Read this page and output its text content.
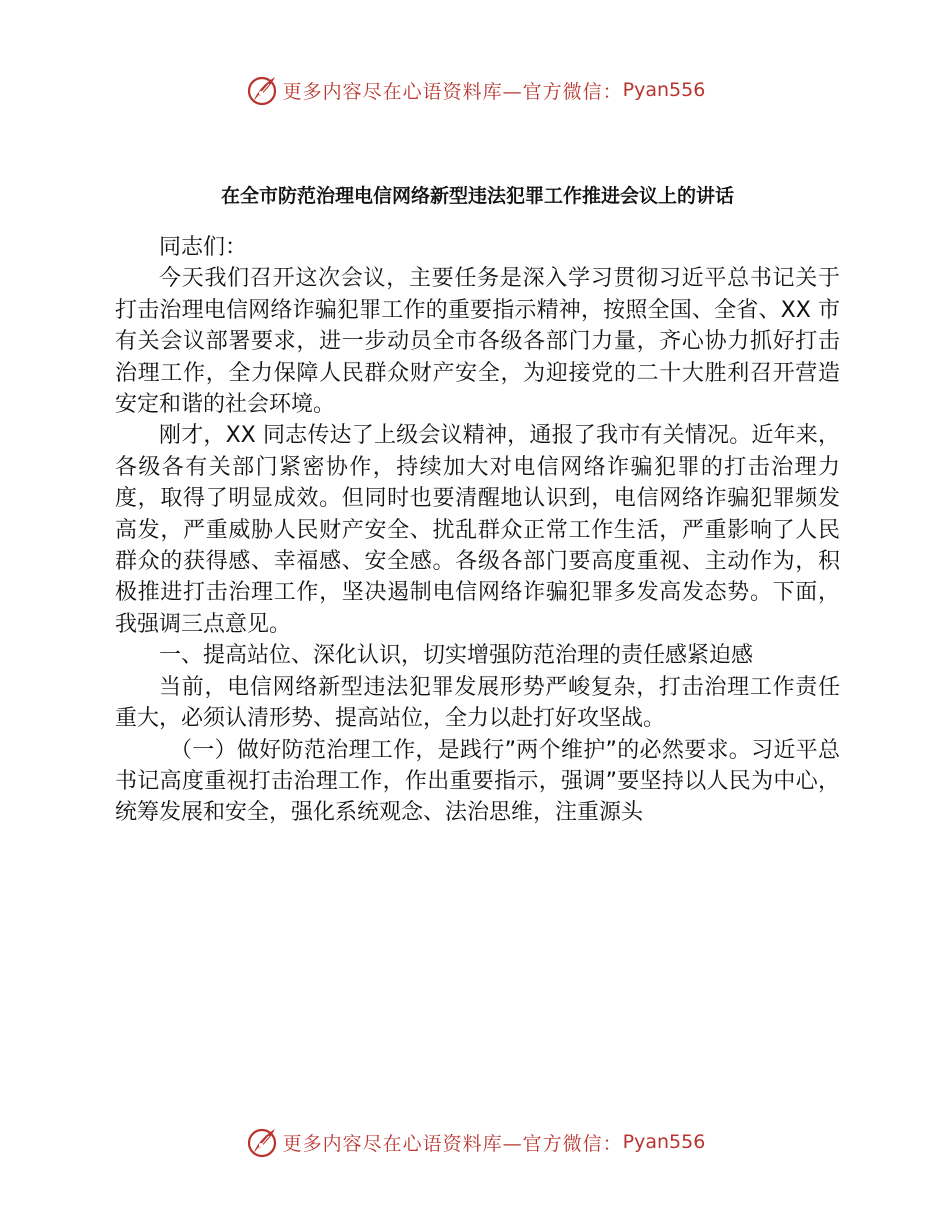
更多内容尽在心语资料库—官方微信： Pyan556
在全市防范治理电信网络新型违法犯罪工作推进会议上的讲话

同志们：

今天我们召开这次会议，主要任务是深入学习贯彻习近平总书记关于打击治理电信网络诈骗犯罪工作的重要指示精神，按照全国、全省、XX 市有关会议部署要求，进一步动员全市各级各部门力量，齐心协力抓好打击治理工作，全力保障人民群众财产安全，为迎接党的二十大胜利召开营造安定和谐的社会环境。

刚才，XX 同志传达了上级会议精神，通报了我市有关情况。近年来，各级各有关部门紧密协作，持续加大对电信网络诈骗犯罪的打击治理力度，取得了明显成效。但同时也要清醒地认识到，电信网络诈骗犯罪频发高发，严重威胁人民财产安全、扰乱群众正常工作生活，严重影响了人民群众的获得感、幸福感、安全感。各级各部门要高度重视、主动作为，积极推进打击治理工作，坚决遏制电信网络诈骗犯罪多发高发态势。下面，我强调三点意见。

一、提高站位、深化认识，切实增强防范治理的责任感紧迫感

当前，电信网络新型违法犯罪发展形势严峻复杂，打击治理工作责任重大，必须认清形势、提高站位，全力以赴打好攻坚战。

（一）做好防范治理工作，是践行”两个维护”的必然要求。习近平总书记高度重视打击治理工作，作出重要指示，强调”要坚持以人民为中心，统筹发展和安全，强化系统观念、法治思维，注重源头

更多内容尽在心语资料库—官方微信： Pyan556
